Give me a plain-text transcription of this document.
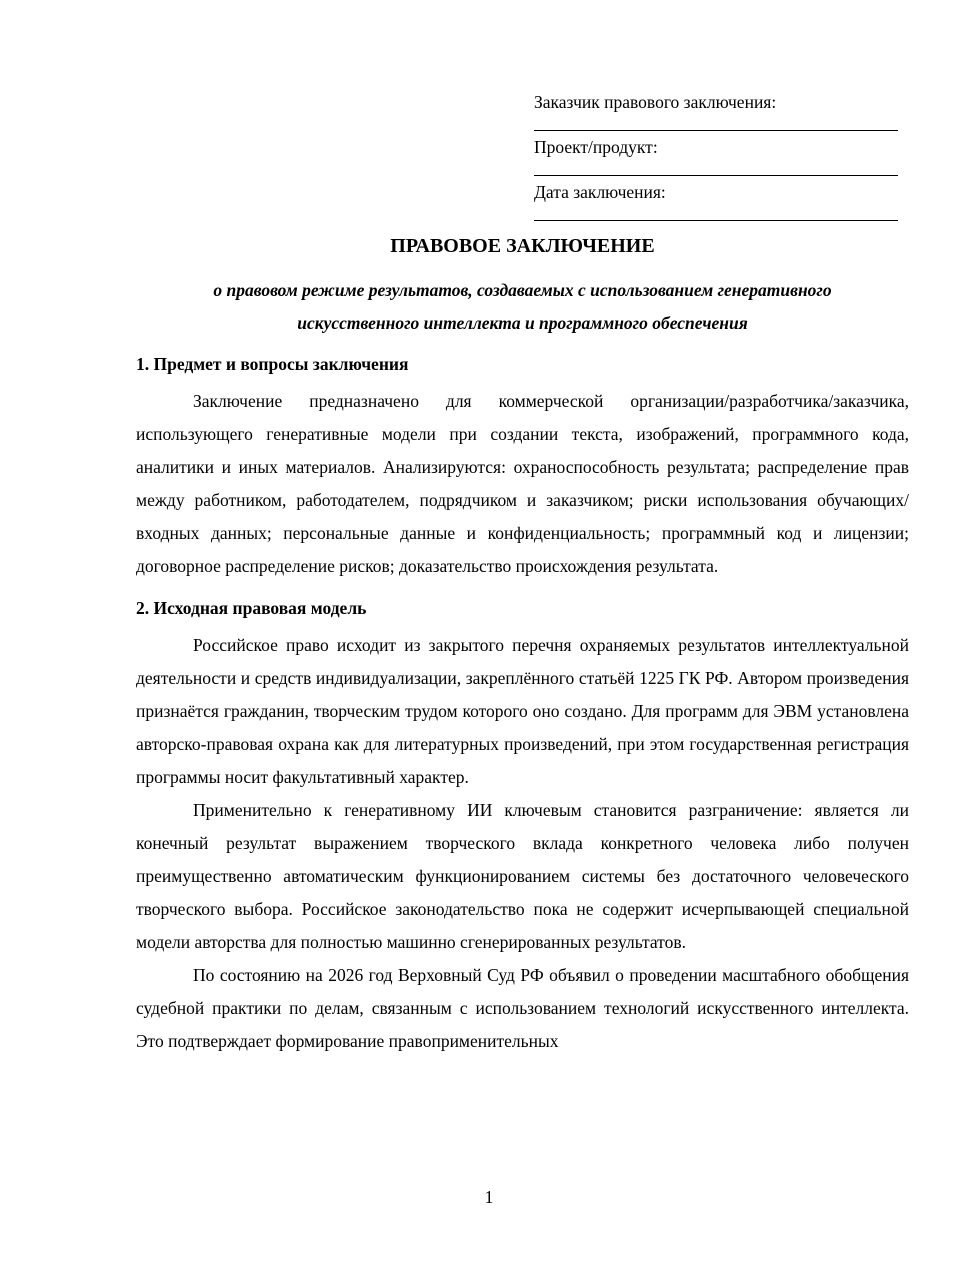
Заказчик правового заключения:
Проект/продукт:
Дата заключения:
ПРАВОВОЕ ЗАКЛЮЧЕНИЕ

о правовом режиме результатов, создаваемых с использованием генеративного искусственного интеллекта и программного обеспечения

1. Предмет и вопросы заключения

Заключение предназначено для коммерческой организации/разработчика/заказчика, использующего генеративные модели при создании текста, изображений, программного кода, аналитики и иных материалов. Анализируются: охраноспособность результата; распределение прав между работником, работодателем, подрядчиком и заказчиком; риски использования обучающих/входных данных; персональные данные и конфиденциальность; программный код и лицензии; договорное распределение рисков; доказательство происхождения результата.

2. Исходная правовая модель

Российское право исходит из закрытого перечня охраняемых результатов интеллектуальной деятельности и средств индивидуализации, закреплённого статьёй 1225 ГК РФ. Автором произведения признаётся гражданин, творческим трудом которого оно создано. Для программ для ЭВМ установлена авторско-правовая охрана как для литературных произведений, при этом государственная регистрация программы носит факультативный характер.

Применительно к генеративному ИИ ключевым становится разграничение: является ли конечный результат выражением творческого вклада конкретного человека либо получен преимущественно автоматическим функционированием системы без достаточного человеческого творческого выбора. Российское законодательство пока не содержит исчерпывающей специальной модели авторства для полностью машинно сгенерированных результатов.

По состоянию на 2026 год Верховный Суд РФ объявил о проведении масштабного обобщения судебной практики по делам, связанным с использованием технологий искусственного интеллекта. Это подтверждает формирование правоприменительных

1
